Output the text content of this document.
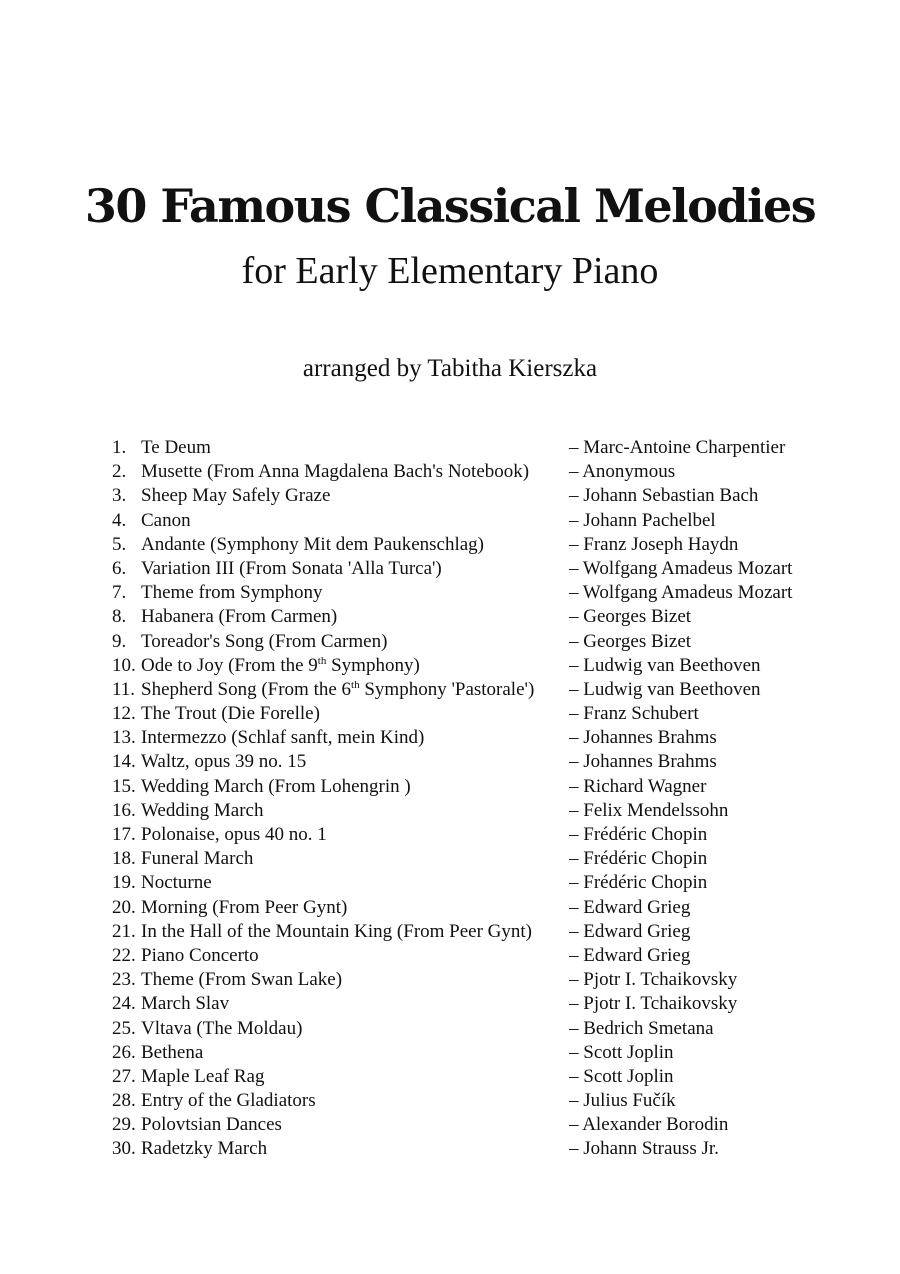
30 Famous Classical Melodies
for Early Elementary Piano
arranged by Tabitha Kierszka
1. Te Deum	– Marc-Antoine Charpentier
2. Musette (From Anna Magdalena Bach's Notebook) – Anonymous
3. Sheep May Safely Graze	– Johann Sebastian Bach
4. Canon	– Johann Pachelbel
5. Andante (Symphony Mit dem Paukenschlag)	– Franz Joseph Haydn
6. Variation III (From Sonata 'Alla Turca')	– Wolfgang Amadeus Mozart
7. Theme from Symphony	– Wolfgang Amadeus Mozart
8. Habanera (From Carmen)	– Georges Bizet
9. Toreador's Song (From Carmen)	– Georges Bizet
10. Ode to Joy (From the 9th Symphony)	– Ludwig van Beethoven
11. Shepherd Song (From the 6th Symphony 'Pastorale') – Ludwig van Beethoven
12. The Trout (Die Forelle)	– Franz Schubert
13. Intermezzo (Schlaf sanft, mein Kind)	– Johannes Brahms
14. Waltz, opus 39 no. 15	– Johannes Brahms
15. Wedding March (From Lohengrin )	– Richard Wagner
16. Wedding March	– Felix Mendelssohn
17. Polonaise, opus 40 no. 1	– Frédéric Chopin
18. Funeral March	– Frédéric Chopin
19. Nocturne	– Frédéric Chopin
20. Morning (From Peer Gynt)	– Edward Grieg
21. In the Hall of the Mountain King (From Peer Gynt) – Edward Grieg
22. Piano Concerto	– Edward Grieg
23. Theme (From Swan Lake)	– Pjotr I. Tchaikovsky
24. March Slav	– Pjotr I. Tchaikovsky
25. Vltava (The Moldau)	– Bedrich Smetana
26. Bethena	– Scott Joplin
27. Maple Leaf Rag	– Scott Joplin
28. Entry of the Gladiators	– Julius Fučík
29. Polovtsian Dances	– Alexander Borodin
30. Radetzky March	– Johann Strauss Jr.
